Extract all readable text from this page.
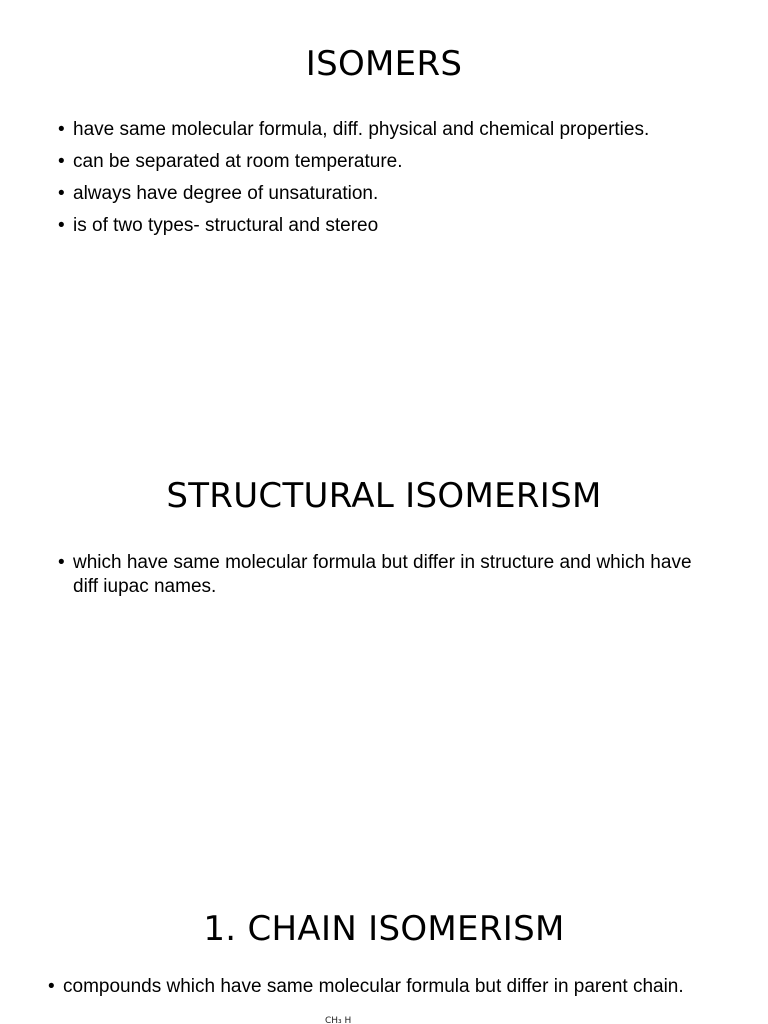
ISOMERS
• have same molecular formula, diff. physical and chemical properties.
• can be separated at room temperature.
• always have degree of unsaturation.
• is of two types- structural and stereo
STRUCTURAL ISOMERISM
• which have same molecular formula but differ in structure and which have diff iupac names.
1. CHAIN ISOMERISM
• compounds which have same molecular formula but differ in parent chain.
CH₃ H
